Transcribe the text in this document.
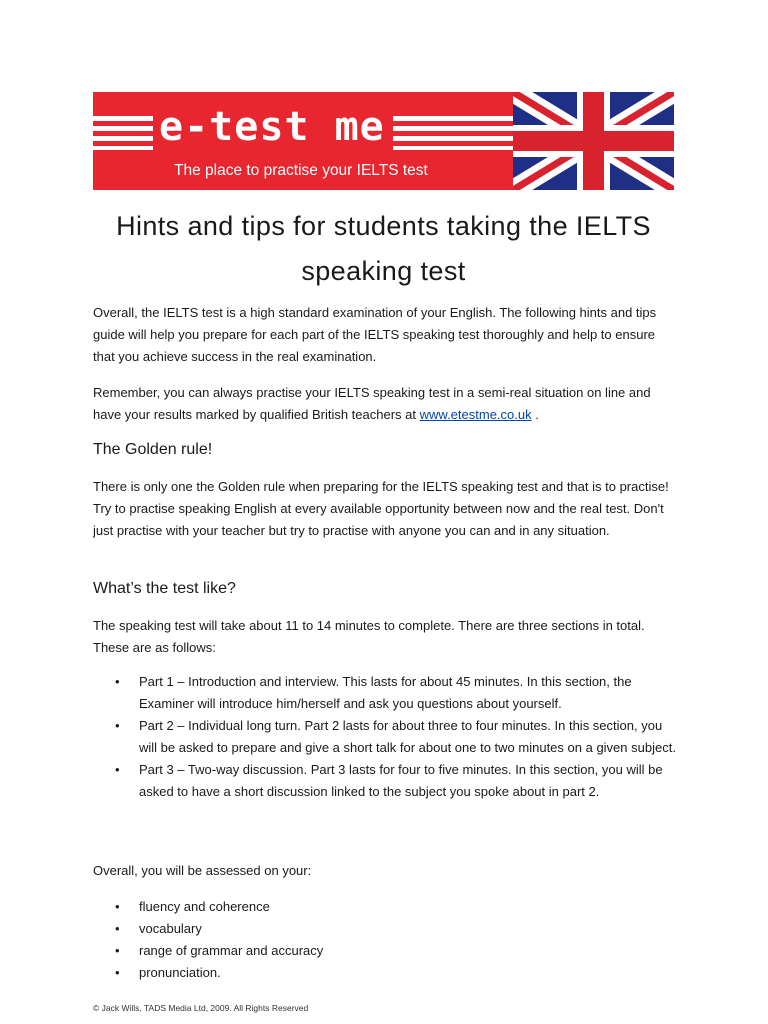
e-test me
The place to practise your IELTS test
Hints and tips for students taking the IELTS speaking test

Overall, the IELTS test is a high standard examination of your English. The following hints and tips guide will help you prepare for each part of the IELTS speaking test thoroughly and help to ensure that you achieve success in the real examination.

Remember, you can always practise your IELTS speaking test in a semi-real situation on line and have your results marked by qualified British teachers at www.etestme.co.uk .

The Golden rule!

There is only one the Golden rule when preparing for the IELTS speaking test and that is to practise! Try to practise speaking English at every available opportunity between now and the real test. Don't just practise with your teacher but try to practise with anyone you can and in any situation.

What’s the test like?

The speaking test will take about 11 to 14 minutes to complete. There are three sections in total. These are as follows:

• Part 1 – Introduction and interview. This lasts for about 45 minutes. In this section, the Examiner will introduce him/herself and ask you questions about yourself.
• Part 2 – Individual long turn. Part 2 lasts for about three to four minutes. In this section, you will be asked to prepare and give a short talk for about one to two minutes on a given subject.
• Part 3 – Two-way discussion. Part 3 lasts for four to five minutes. In this section, you will be asked to have a short discussion linked to the subject you spoke about in part 2.

Overall, you will be assessed on your:

• fluency and coherence
• vocabulary
• range of grammar and accuracy
• pronunciation.

© Jack Wills, TADS Media Ltd, 2009. All Rights Reserved
